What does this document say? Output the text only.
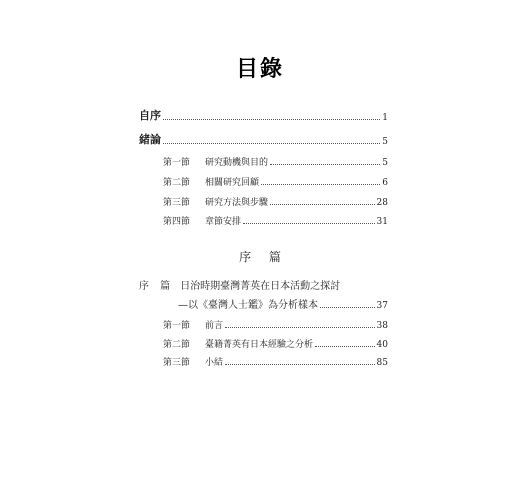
目錄
自序	1
緒論	5
第一節	研究動機與目的	5
第二節	相關研究回顧	6
第三節	研究方法與步驟	28
第四節	章節安排	31
序 篇
序 篇 日治時期臺灣菁英在日本活動之探討
—以《臺灣人士鑑》為分析樣本	37
第一節	前言	38
第二節	臺籍菁英有日本經驗之分析	40
第三節	小結	85
